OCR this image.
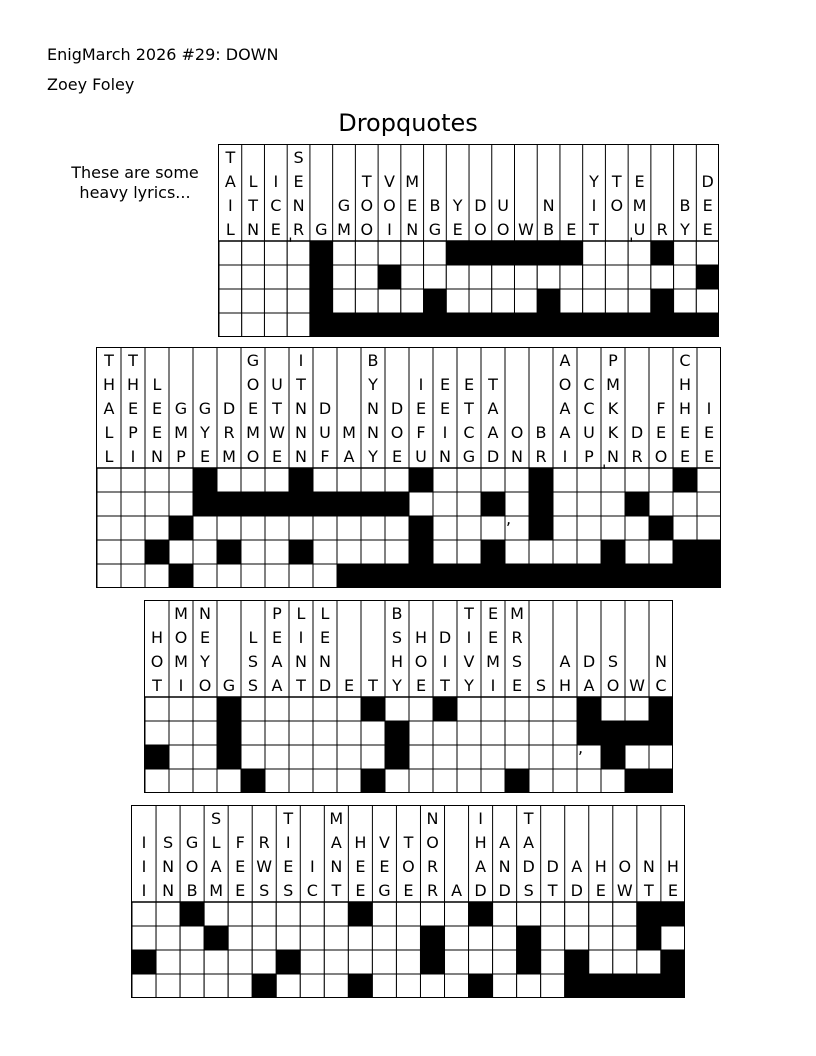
EnigMarch 2026 #29: DOWN
Zoey Foley
Dropquotes
These are some
heavy lyrics...
T
A
I
L
L
T
N
I
C
E
S
E
N
R G
G
M
T
O
O
V
O
I
M
E
N
B
G
Y
E
D
O
U
O W
N
B E
Y
I
T
T
O
E
M
U R
B
Y
D
E
E
'	'
T
H
A
L
L
T
H
E
P
I
L
E
E
N
G
M
P
G
Y
E
D
R
M
G
O
E
M
O
U
T
W
E
I
T
N
N
N
D
U
F
M
A
B
Y
N
N
Y
D
O
E
I
E
F
U
E
E
I
N
E
T
C
G
T
A
A
D
O
N
B
R
A
O
A
A
I
C
C
U
P
P
M
K
K
N
D
R
F
E
O
C
H
H
E
E
I
E
E
'
,
H
O
T
M
O
M
I
N
E
Y
O G
L
S
S
P
E
A
A
L
I
N
T
L
E
N
D E T
B
S
H
Y
H
O
E
D
I
T
T
I
V
Y
E
E
M
I
M
R
S
E S
A
H
D
A
S
O W
N
C
,
I
I
I
S
N
N
G
O
B
S
L
A
M
F
E
E
R
W
S
T
I
E
S
I
C
M
A
N
T
H
E
E
V
E
G
T
O
E
N
O
R
R A
I
H
A
D
A
N
D
T
A
D
S
D
T
A
D
H
E
O
W
N
T
H
E
